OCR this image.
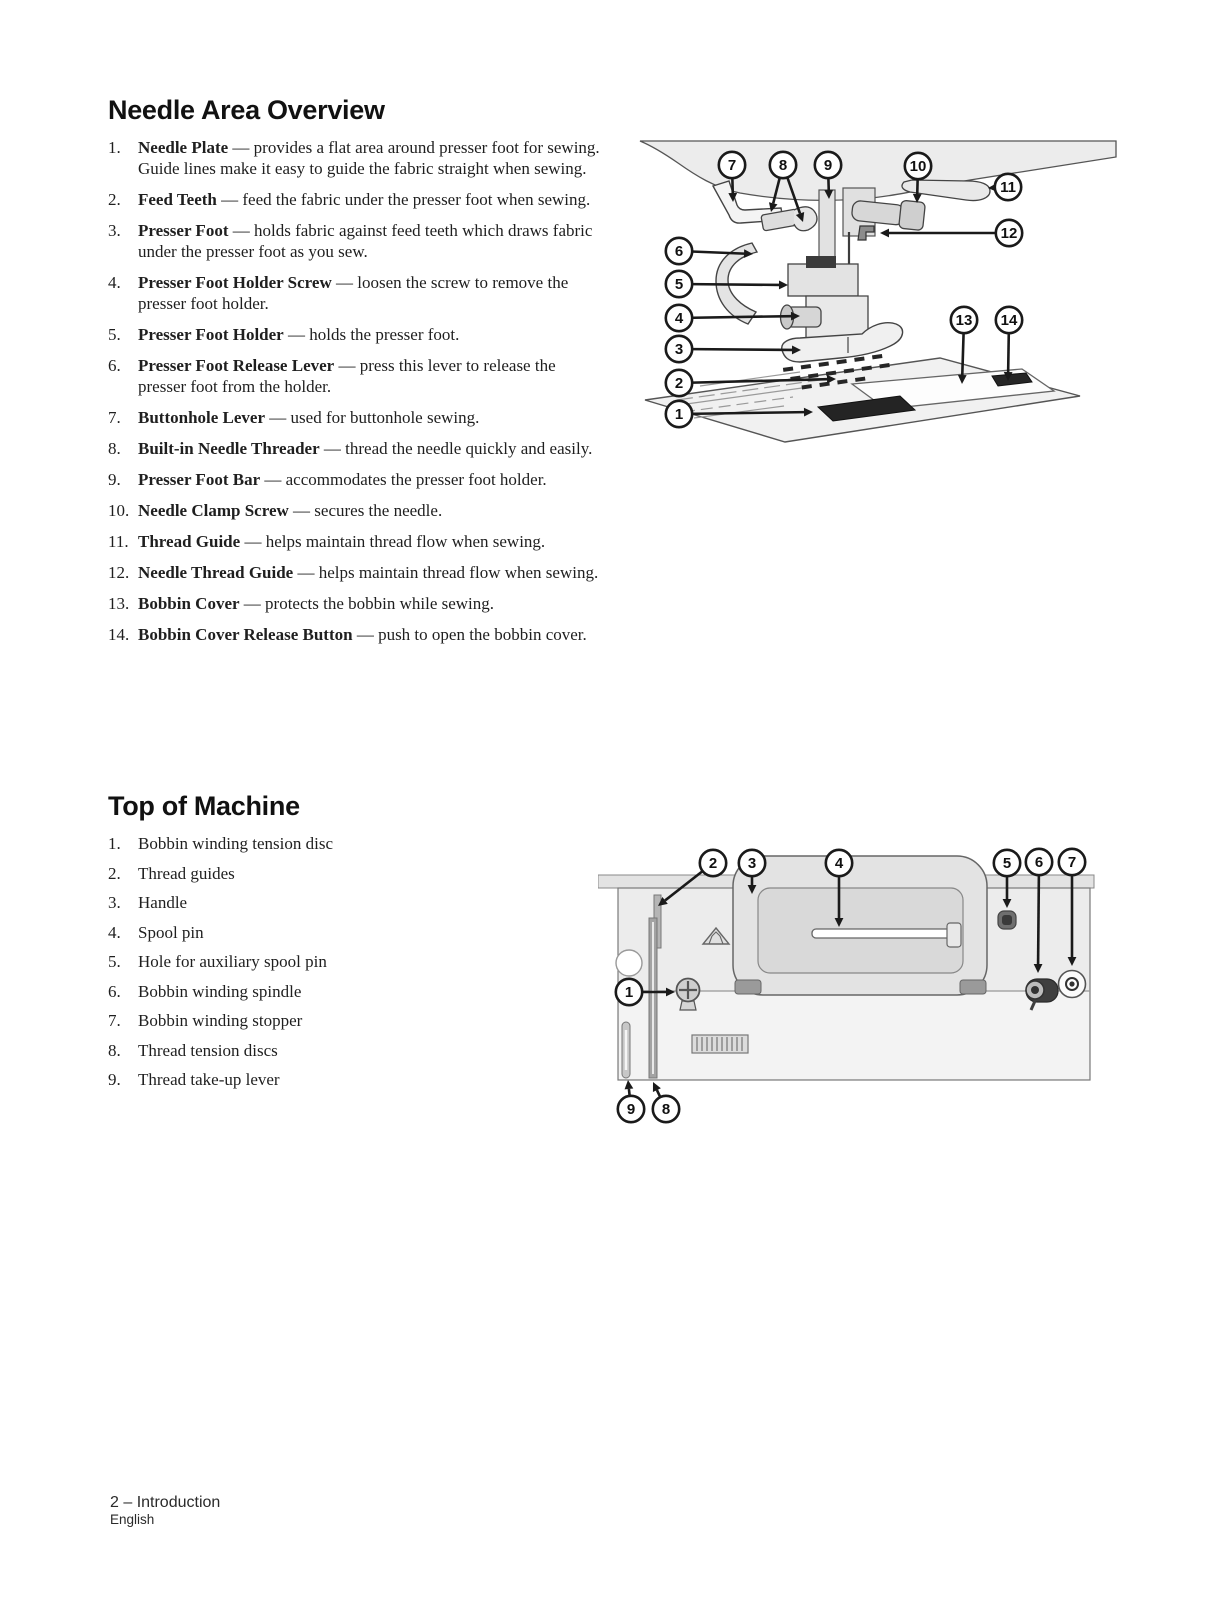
Needle Area Overview
1.	Needle Plate — provides a flat area around presser foot for sewing. Guide lines make it easy to guide the fabric straight when sewing.
2.	Feed Teeth — feed the fabric under the presser foot when sewing.
3.	Presser Foot — holds fabric against feed teeth which draws fabric under the presser foot as you sew.
4.	Presser Foot Holder Screw — loosen the screw to remove the presser foot holder.
5.	Presser Foot Holder — holds the presser foot.
6.	Presser Foot Release Lever — press this lever to release the presser foot from the holder.
7.	Buttonhole Lever — used for buttonhole sewing.
8.	Built-in Needle Threader — thread the needle quickly and easily.
9.	Presser Foot Bar — accommodates the presser foot holder.
10. Needle Clamp Screw — secures the needle.
11. Thread Guide — helps maintain thread flow when sewing.
12. Needle Thread Guide — helps maintain thread flow when sewing.
13. Bobbin Cover — protects the bobbin while sewing.
14. Bobbin Cover Release Button — push to open the bobbin cover.
Top of Machine
1.	Bobbin winding tension disc
2.	Thread guides
3.	Handle
4.	Spool pin
5.	Hole for auxiliary spool pin
6.	Bobbin winding spindle
7.	Bobbin winding stopper
8.	Thread tension discs
9.	Thread take-up lever
1
2
3
4
5
6
7	8 9	10
11
12
13 14
1
2 3	4	5 6 7
8
9
2 – Introduction
English
